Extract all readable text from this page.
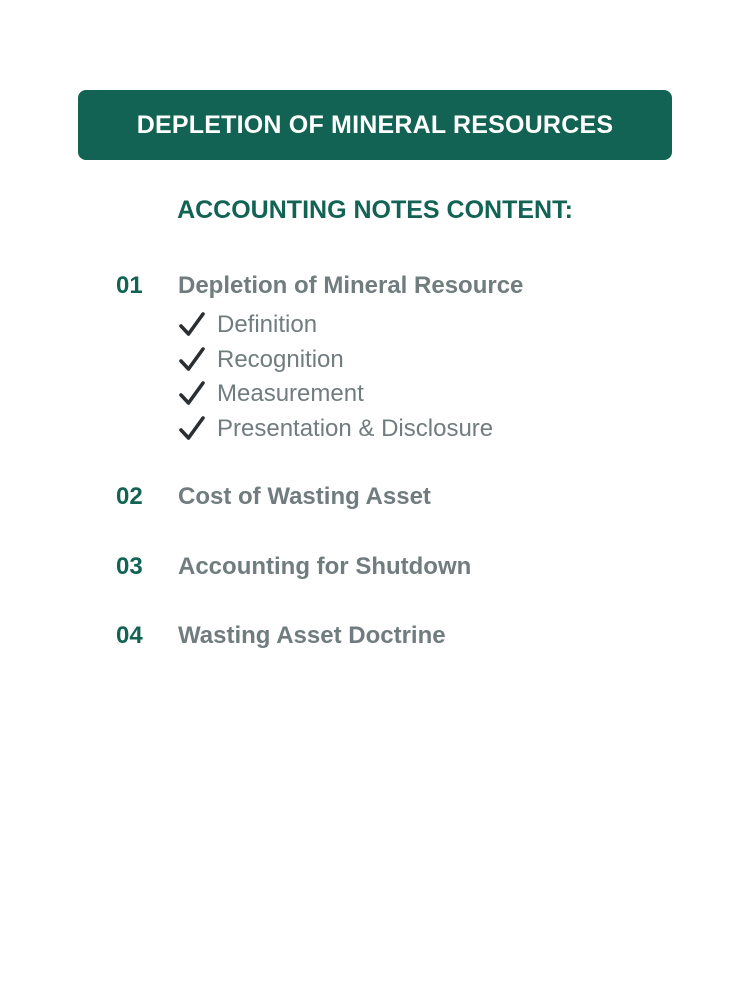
DEPLETION OF MINERAL RESOURCES
ACCOUNTING NOTES CONTENT:
01	Depletion of Mineral Resource
Definition
Recognition
Measurement
Presentation & Disclosure
02	Cost of Wasting Asset
03	Accounting for Shutdown
04	Wasting Asset Doctrine
